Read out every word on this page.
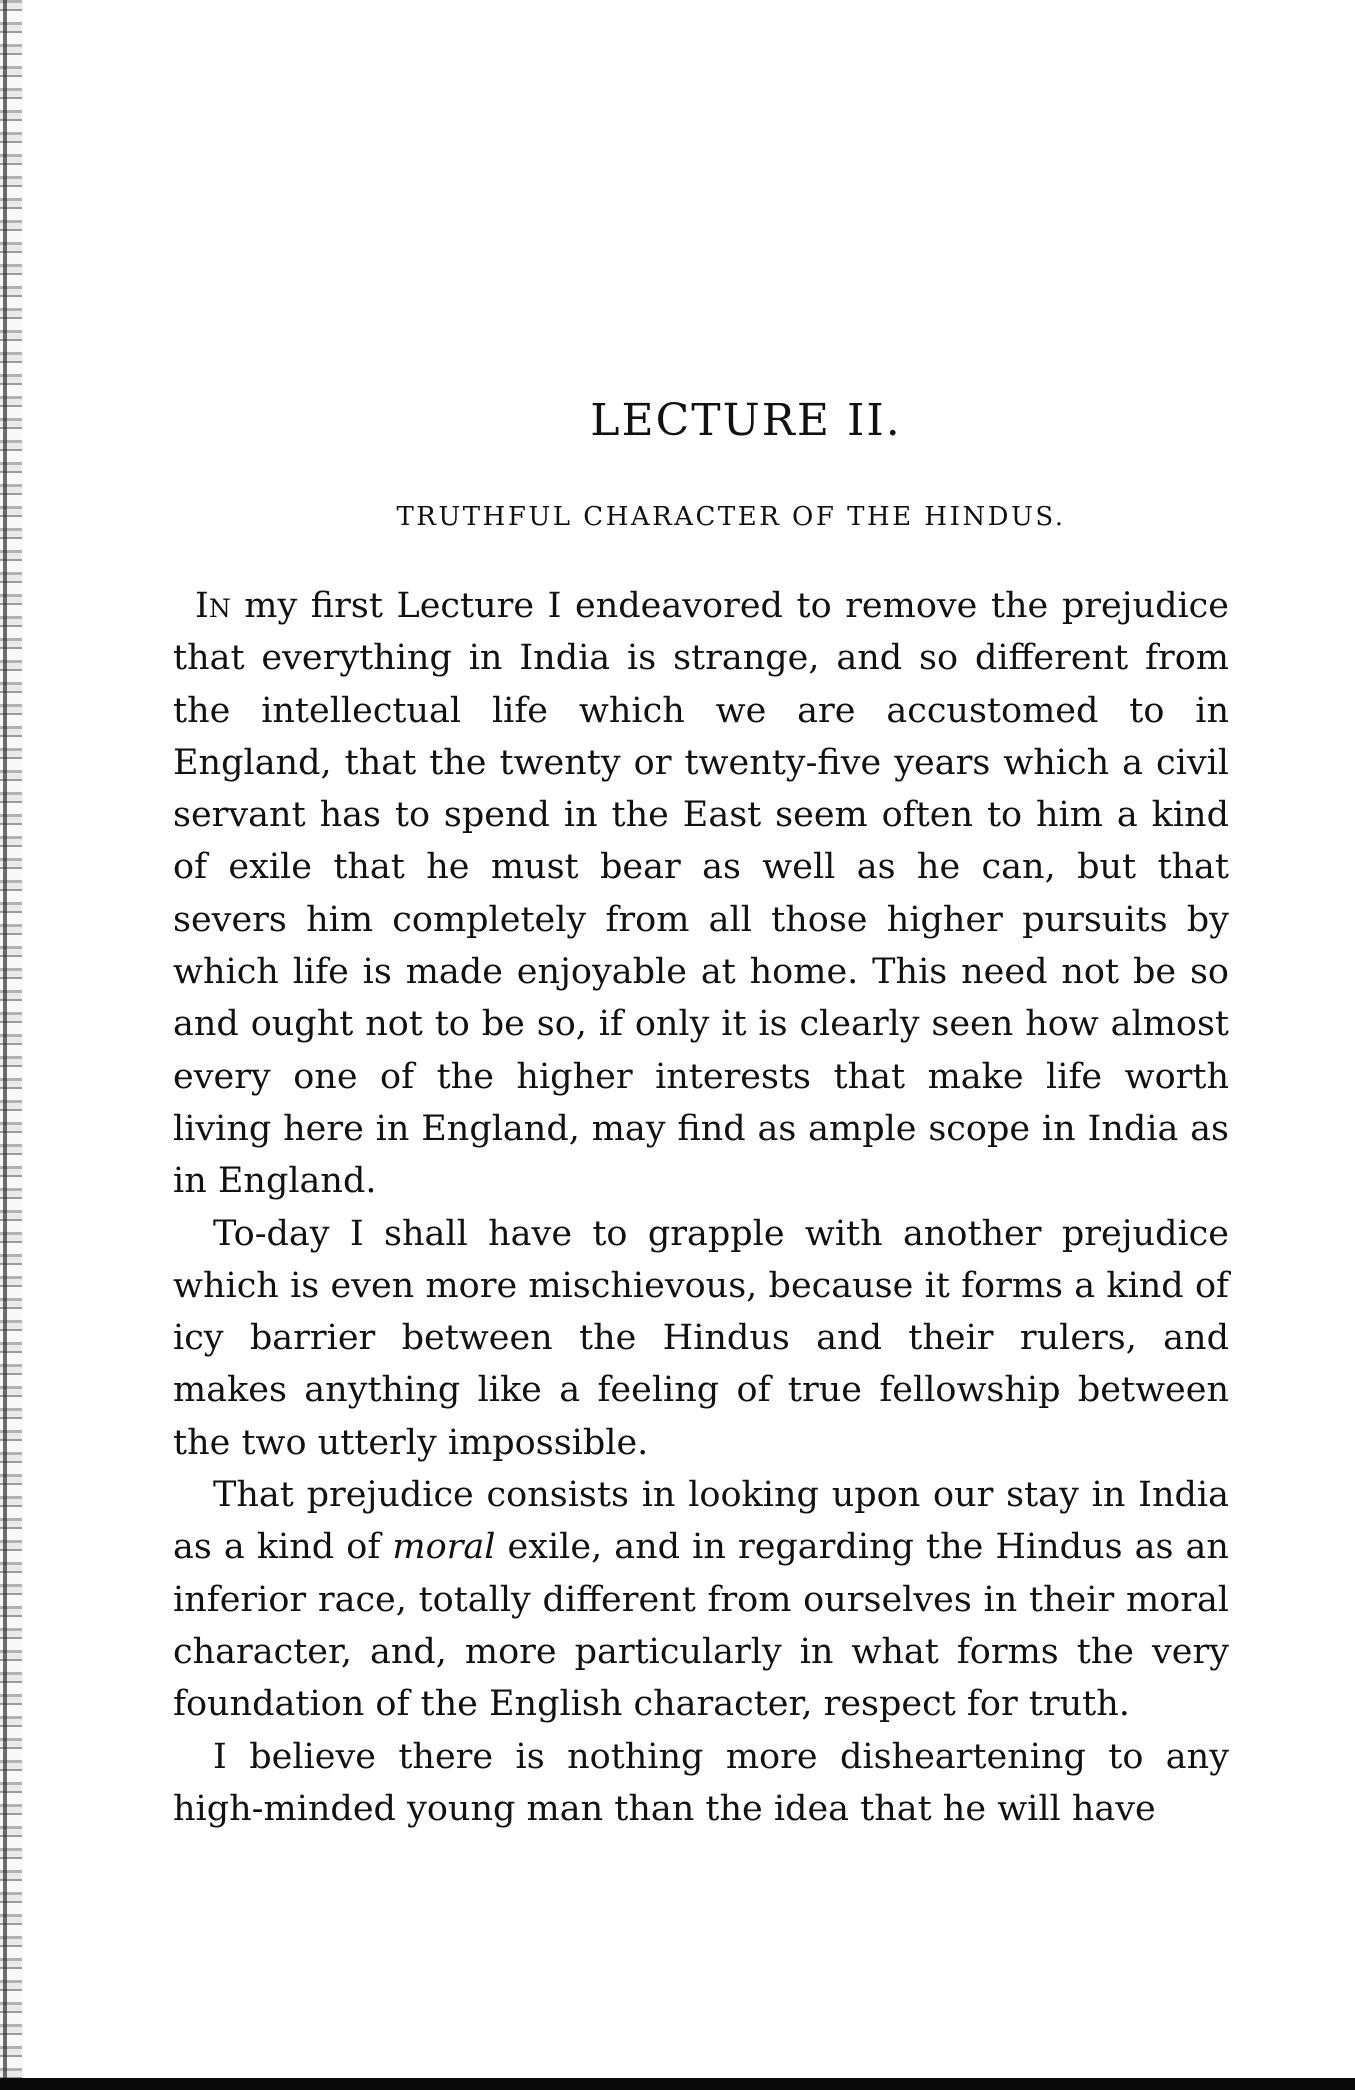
LECTURE II.
TRUTHFUL CHARACTER OF THE HINDUS.

In my first Lecture I endeavored to remove the prejudice that everything in India is strange, and so different from the intellectual life which we are accustomed to in England, that the twenty or twenty-five years which a civil servant has to spend in the East seem often to him a kind of exile that he must bear as well as he can, but that severs him completely from all those higher pursuits by which life is made enjoyable at home. This need not be so and ought not to be so, if only it is clearly seen how almost every one of the higher interests that make life worth living here in England, may find as ample scope in India as in England.

To-day I shall have to grapple with another prejudice which is even more mischievous, because it forms a kind of icy barrier between the Hindus and their rulers, and makes anything like a feeling of true fellowship between the two utterly impossible.

That prejudice consists in looking upon our stay in India as a kind of moral exile, and in regarding the Hindus as an inferior race, totally different from ourselves in their moral character, and, more particularly in what forms the very foundation of the English character, respect for truth.

I believe there is nothing more disheartening to any high-minded young man than the idea that he will have
